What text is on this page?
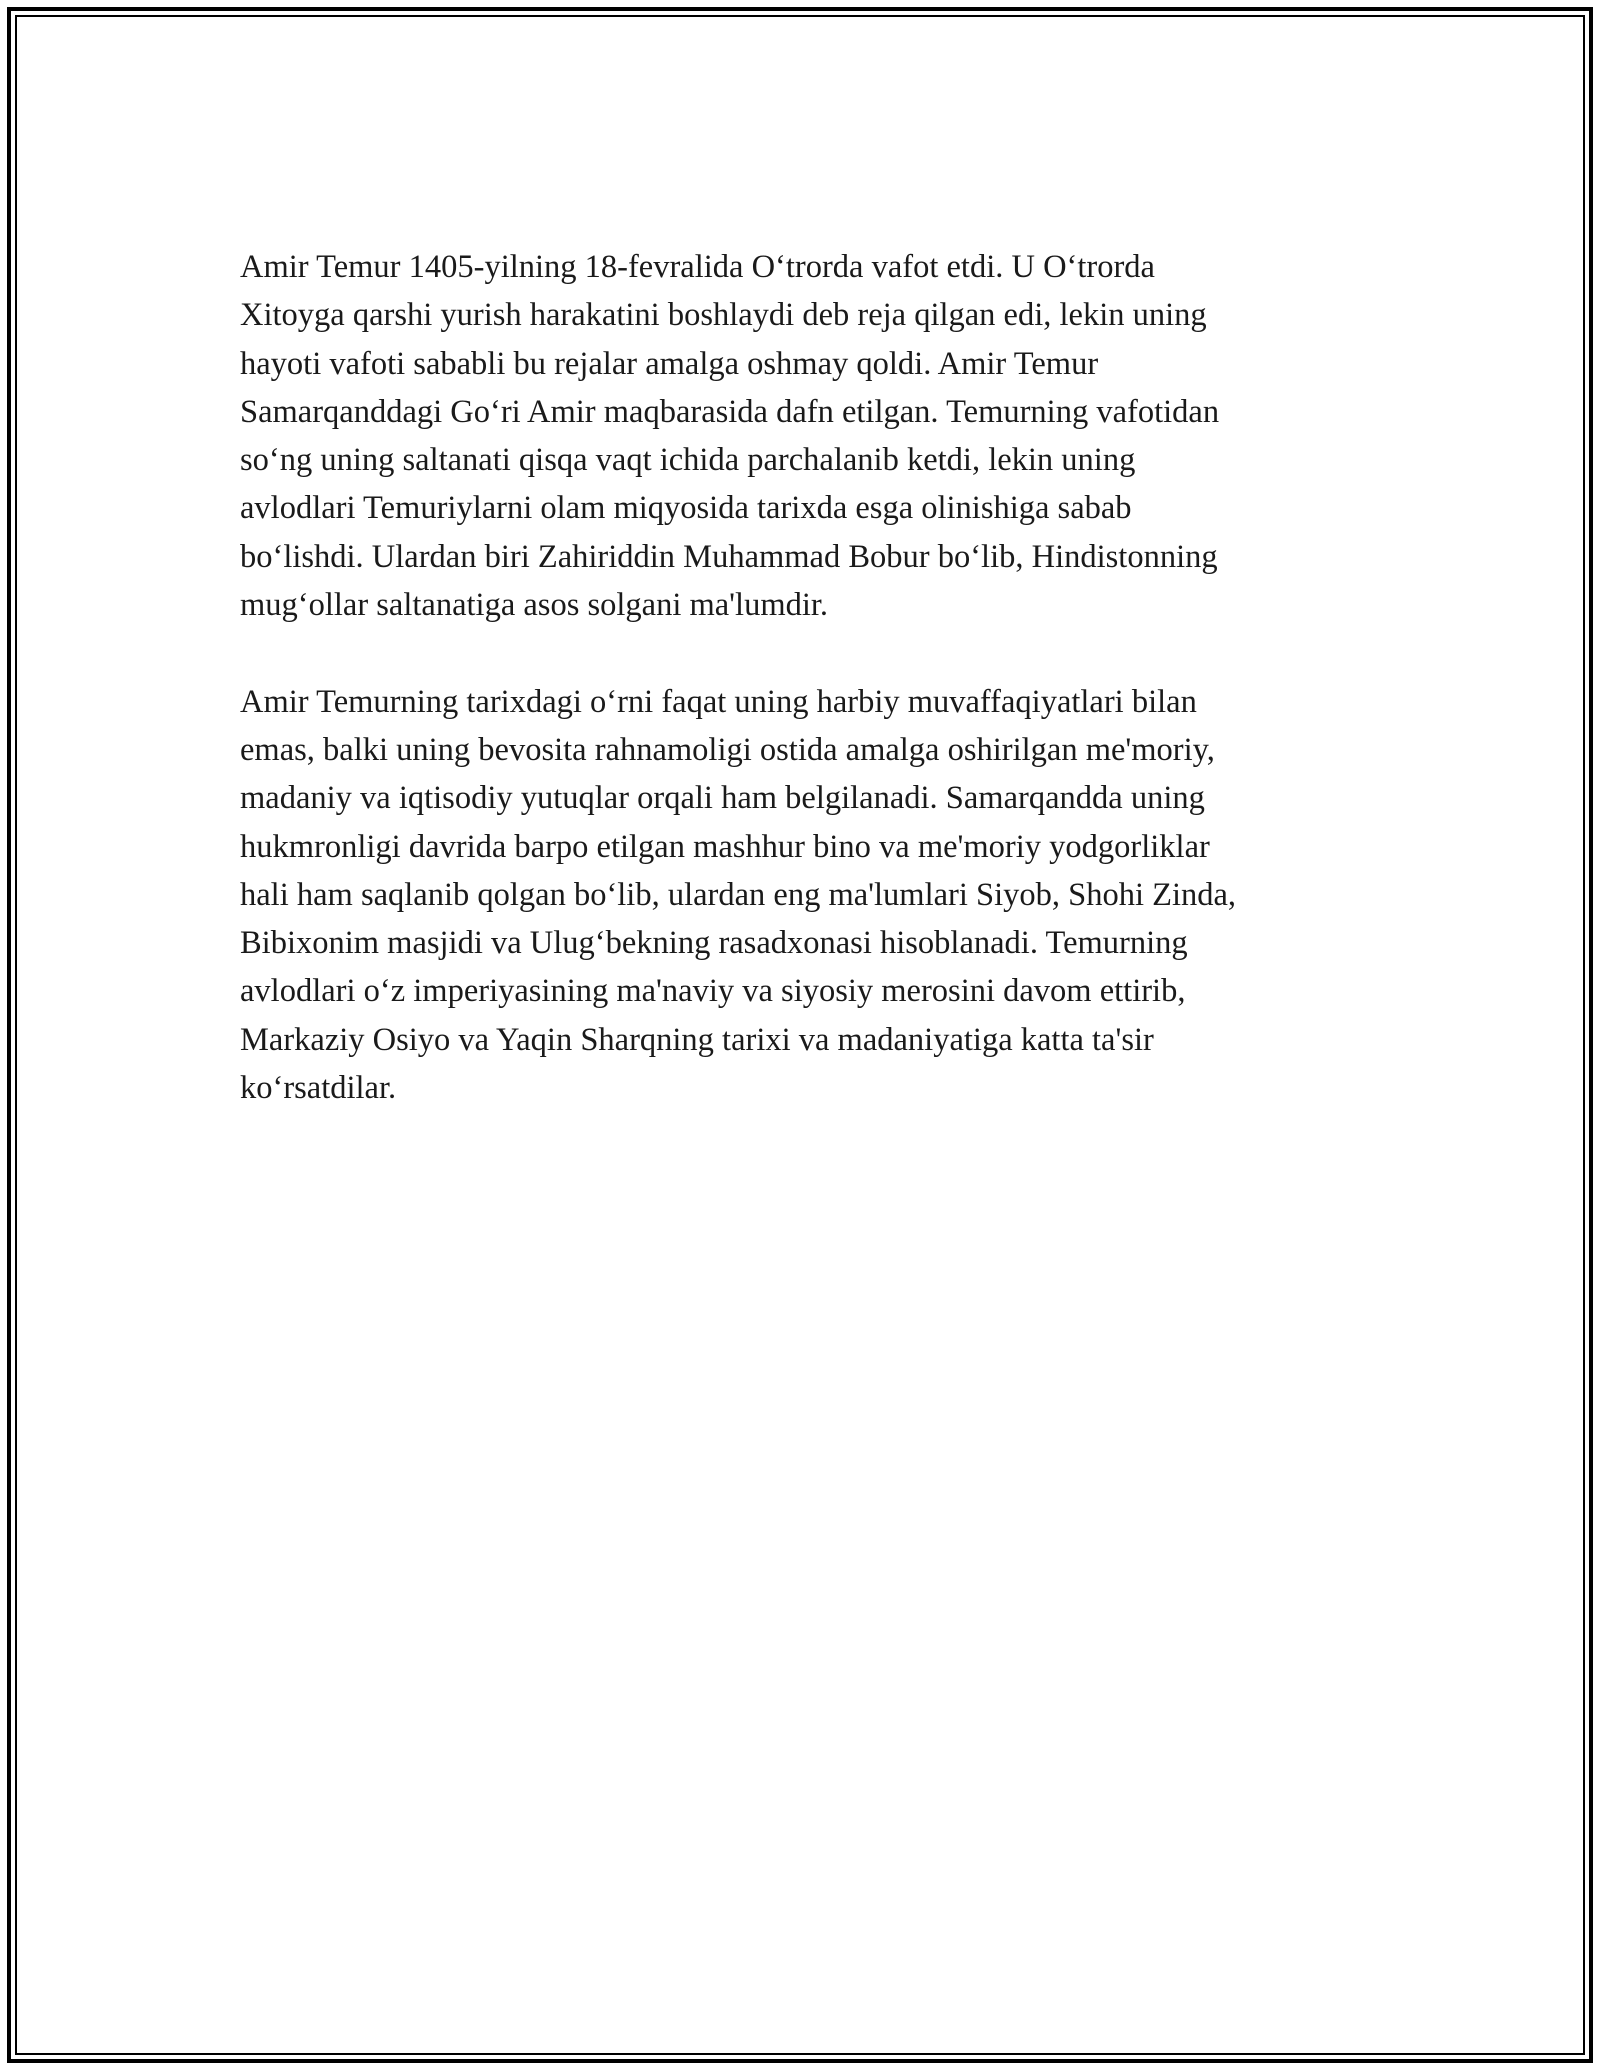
Amir Temur 1405-yilning 18-fevralida O‘trorda vafot etdi. U O‘trorda
Xitoyga qarshi yurish harakatini boshlaydi deb reja qilgan edi, lekin uning
hayoti vafoti sababli bu rejalar amalga oshmay qoldi. Amir Temur
Samarqanddagi Go‘ri Amir maqbarasida dafn etilgan. Temurning vafotidan
so‘ng uning saltanati qisqa vaqt ichida parchalanib ketdi, lekin uning
avlodlari Temuriylarni olam miqyosida tarixda esga olinishiga sabab
bo‘lishdi. Ulardan biri Zahiriddin Muhammad Bobur bo‘lib, Hindistonning
mug‘ollar saltanatiga asos solgani ma'lumdir.

Amir Temurning tarixdagi o‘rni faqat uning harbiy muvaffaqiyatlari bilan
emas, balki uning bevosita rahnamoligi ostida amalga oshirilgan me'moriy,
madaniy va iqtisodiy yutuqlar orqali ham belgilanadi. Samarqandda uning
hukmronligi davrida barpo etilgan mashhur bino va me'moriy yodgorliklar
hali ham saqlanib qolgan bo‘lib, ulardan eng ma'lumlari Siyob, Shohi Zinda,
Bibixonim masjidi va Ulug‘bekning rasadxonasi hisoblanadi. Temurning
avlodlari o‘z imperiyasining ma'naviy va siyosiy merosini davom ettirib,
Markaziy Osiyo va Yaqin Sharqning tarixi va madaniyatiga katta ta'sir
ko‘rsatdilar.
